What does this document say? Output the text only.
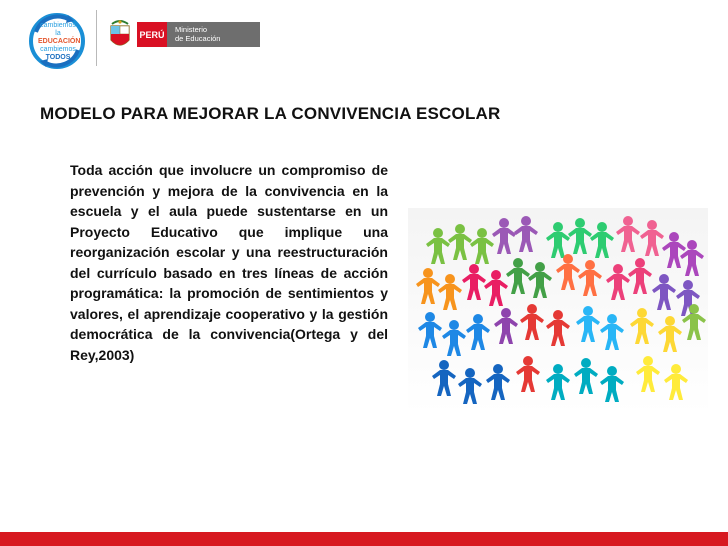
cambiemos la
EDUCACIÓN
cambiemos
TODOS
PERÚ	Ministerio
de Educación
MODELO PARA MEJORAR LA CONVIVENCIA ESCOLAR

Toda acción que involucre un compromiso de prevención y mejora de la convivencia en la escuela y el aula puede sustentarse en un Proyecto Educativo que implique una reorganización escolar y una reestructuración del currículo basado en tres líneas de acción programática: la promoción de sentimientos y valores, el aprendizaje cooperativo y la gestión democrática de la convivencia(Ortega y del Rey,2003)
